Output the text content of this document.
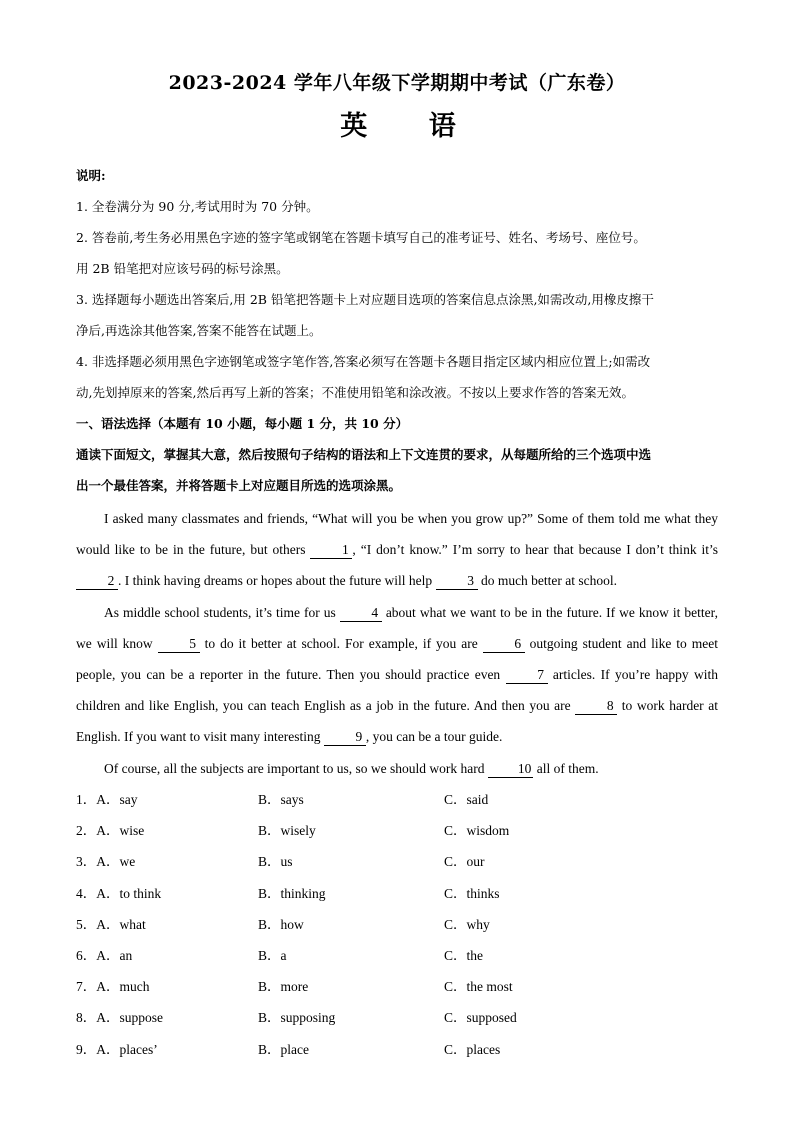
2023-2024 学年八年级下学期期中考试（广东卷）
英 语
说明:
1. 全卷满分为 90 分,考试用时为 70 分钟。
2. 答卷前,考生务必用黑色字迹的签字笔或钢笔在答题卡填写自己的准考证号、姓名、考场号、座位号。
用 2B 铅笔把对应该号码的标号涂黑。
3. 选择题每小题选出答案后,用 2B 铅笔把答题卡上对应题目选项的答案信息点涂黑,如需改动,用橡皮擦干
净后,再选涂其他答案,答案不能答在试题上。
4. 非选择题必须用黑色字迹钢笔或签字笔作答,答案必须写在答题卡各题目指定区域内相应位置上;如需改
动,先划掉原来的答案,然后再写上新的答案；不准使用铅笔和涂改液。不按以上要求作答的答案无效。
一、语法选择（本题有 10 小题，每小题 1 分，共 10 分）
通读下面短文，掌握其大意，然后按照句子结构的语法和上下文连贯的要求，从每题所给的三个选项中选
出一个最佳答案，并将答题卡上对应题目所选的选项涂黑。

I asked many classmates and friends, “What will you be when you grow up?” Some of them told me what they would like to be in the future, but others 1 , “I don’t know.” I’m sorry to hear that because I don’t think it’s 2 . I think having dreams or hopes about the future will help 3 do much better at school.

As middle school students, it’s time for us 4 about what we want to be in the future. If we know it better, we will know 5 to do it better at school. For example, if you are 6 outgoing student and like to meet people, you can be a reporter in the future. Then you should practice even 7 articles. If you’re happy with children and like English, you can teach English as a job in the future. And then you are 8 to work harder at English. If you want to visit many interesting 9 , you can be a tour guide.

Of course, all the subjects are important to us, so we should work hard 10 all of them.

1．A．say	B．says	C．said
2．A．wise	B．wisely	C．wisdom
3．A．we	B．us	C．our
4．A．to think	B．thinking	C．thinks
5．A．what	B．how	C．why
6．A．an	B．a	C．the
7．A．much	B．more	C．the most
8．A．suppose	B．supposing	C．supposed
9．A．places’	B．place	C．places
